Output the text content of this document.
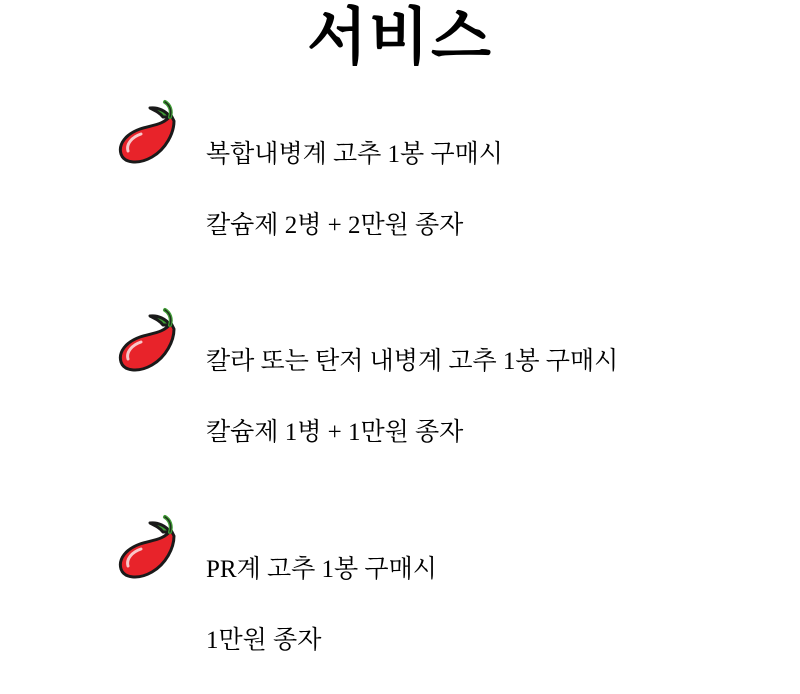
서비스

복합내병계 고추 1봉 구매시

칼슘제 2병 + 2만원 종자

칼라 또는 탄저 내병계 고추 1봉 구매시

칼슘제 1병 + 1만원 종자

PR계 고추 1봉 구매시

1만원 종자
